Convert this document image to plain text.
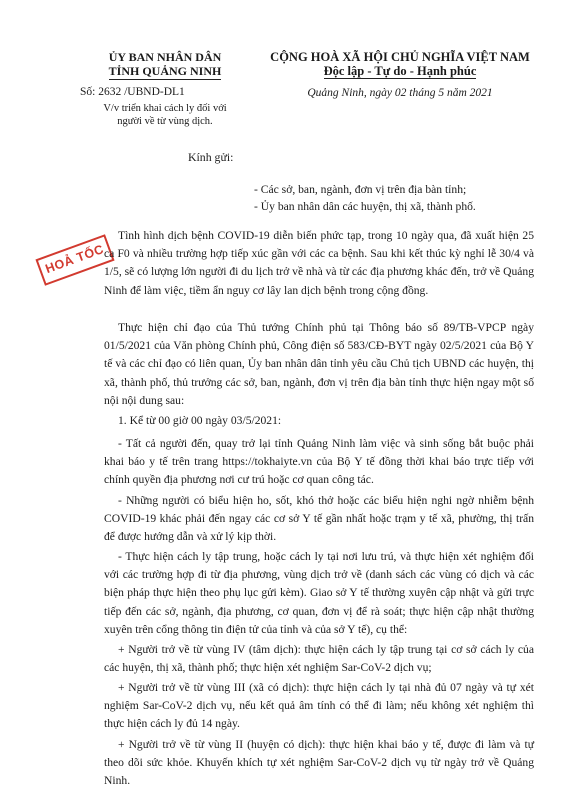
ỦY BAN NHÂN DÂN
TỈNH QUẢNG NINH
Số: 2632 /UBND-DL1
V/v triển khai cách ly đối với
người về từ vùng dịch.
CỘNG HOÀ XÃ HỘI CHỦ NGHĨA VIỆT NAM
Độc lập - Tự do - Hạnh phúc
Quảng Ninh, ngày 02 tháng 5 năm 2021
Kính gửi:
- Các sở, ban, ngành, đơn vị trên địa bàn tỉnh;
- Ủy ban nhân dân các huyện, thị xã, thành phố.
HOẢ TỐC
Tình hình dịch bệnh COVID-19 diễn biến phức tạp, trong 10 ngày qua, đã xuất hiện 25 ca F0 và nhiều trường hợp tiếp xúc gần với các ca bệnh. Sau khi kết thúc kỳ nghỉ lễ 30/4 và 1/5, sẽ có lượng lớn người đi du lịch trở về nhà và từ các địa phương khác đến, trở về Quảng Ninh để làm việc, tiềm ẩn nguy cơ lây lan dịch bệnh trong cộng đồng.
Thực hiện chỉ đạo của Thủ tướng Chính phủ tại Thông báo số 89/TB-VPCP ngày 01/5/2021 của Văn phòng Chính phủ, Công điện số 583/CĐ-BYT ngày 02/5/2021 của Bộ Y tế và các chỉ đạo có liên quan, Ủy ban nhân dân tỉnh yêu cầu Chủ tịch UBND các huyện, thị xã, thành phố, thủ trưởng các sở, ban, ngành, đơn vị trên địa bàn tỉnh thực hiện ngay một số nội nội dung sau:
1. Kể từ 00 giờ 00 ngày 03/5/2021:
- Tất cả người đến, quay trở lại tỉnh Quảng Ninh làm việc và sinh sống bắt buộc phải khai báo y tế trên trang https://tokhaiyte.vn của Bộ Y tế đồng thời khai báo trực tiếp với chính quyền địa phương nơi cư trú hoặc cơ quan công tác.
- Những người có biểu hiện ho, sốt, khó thở hoặc các biểu hiện nghi ngờ nhiễm bệnh COVID-19 khác phải đến ngay các cơ sở Y tế gần nhất hoặc trạm y tế xã, phường, thị trấn để được hướng dẫn và xử lý kịp thời.
- Thực hiện cách ly tập trung, hoặc cách ly tại nơi lưu trú, và thực hiện xét nghiệm đối với các trường hợp đi từ địa phương, vùng dịch trở về (danh sách các vùng có dịch và các biện pháp thực hiện theo phụ lục gửi kèm). Giao sở Y tế thường xuyên cập nhật và gửi trực tiếp đến các sở, ngành, địa phương, cơ quan, đơn vị để rà soát; thực hiện cập nhật thường xuyên trên cổng thông tin điện tử của tỉnh và của sở Y tế), cụ thể:
+ Người trở về từ vùng IV (tâm dịch): thực hiện cách ly tập trung tại cơ sở cách ly của các huyện, thị xã, thành phố; thực hiện xét nghiệm Sar-CoV-2 dịch vụ;
+ Người trở về từ vùng III (xã có dịch): thực hiện cách ly tại nhà đủ 07 ngày và tự xét nghiệm Sar-CoV-2 dịch vụ, nếu kết quả âm tính có thể đi làm; nếu không xét nghiệm thì thực hiện cách ly đủ 14 ngày.
+ Người trở về từ vùng II (huyện có dịch): thực hiện khai báo y tế, được đi làm và tự theo dõi sức khỏe. Khuyến khích tự xét nghiệm Sar-CoV-2 dịch vụ từ ngày trở về Quảng Ninh.
